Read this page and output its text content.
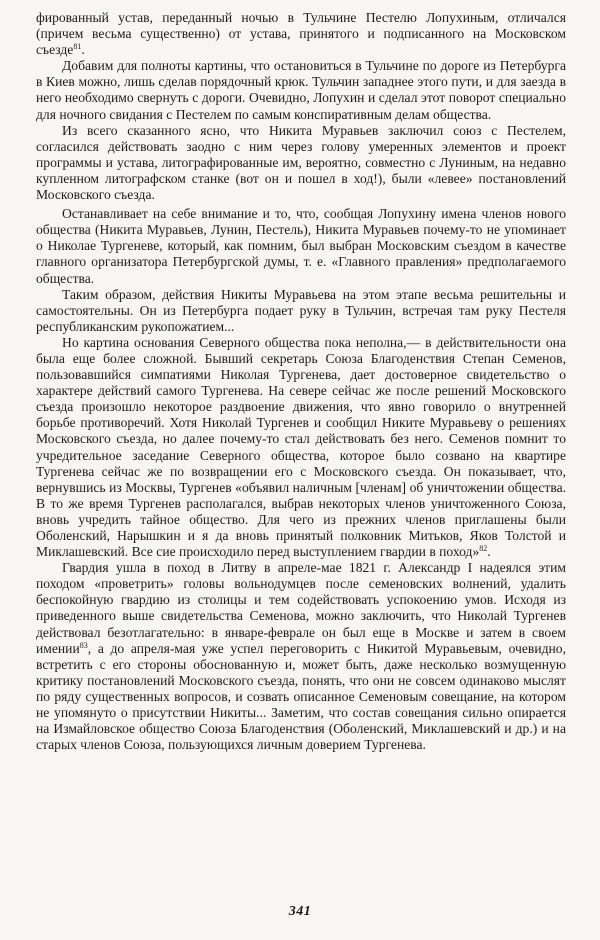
фированный устав, переданный ночью в Тульчине Пестелю Лопухиным, отличался (причем весьма существенно) от устава, принятого и подписанного на Московском съезде$^{81}$.

Добавим для полноты картины, что остановиться в Тульчине по дороге из Петербурга в Киев можно, лишь сделав порядочный крюк. Тульчин западнее этого пути, и для заезда в него необходимо свернуть с дороги. Очевидно, Лопухин и сделал этот поворот специально для ночного свидания с Пестелем по самым конспиративным делам общества.

Из всего сказанного ясно, что Никита Муравьев заключил союз с Пестелем, согласился действовать заодно с ним через голову умеренных элементов и проект программы и устава, литографированные им, вероятно, совместно с Луниным, на недавно купленном литографском станке (вот он и пошел в ход!), были «левее» постановлений Московского съезда.

Останавливает на себе внимание и то, что, сообщая Лопухину имена членов нового общества (Никита Муравьев, Лунин, Пестель), Никита Муравьев почему-то не упоминает о Николае Тургеневе, который, как помним, был выбран Московским съездом в качестве главного организатора Петербургской думы, т. е. «Главного правления» предполагаемого общества.

Таким образом, действия Никиты Муравьева на этом этапе весьма решительны и самостоятельны. Он из Петербурга подает руку в Тульчин, встречая там руку Пестеля республиканским рукопожатием...

Но картина основания Северного общества пока неполна,— в действительности она была еще более сложной. Бывший секретарь Союза Благоденствия Степан Семенов, пользовавшийся симпатиями Николая Тургенева, дает достоверное свидетельство о характере действий самого Тургенева. На севере сейчас же после решений Московского съезда произошло некоторое раздвоение движения, что явно говорило о внутренней борьбе противоречий. Хотя Николай Тургенев и сообщил Никите Муравьеву о решениях Московского съезда, но далее почему-то стал действовать без него. Семенов помнит то учредительное заседание Северного общества, которое было созвано на квартире Тургенева сейчас же по возвращении его с Московского съезда. Он показывает, что, вернувшись из Москвы, Тургенев «объявил наличным [членам] об уничтожении общества. В то же время Тургенев располагался, выбрав некоторых членов уничтоженного Союза, вновь учредить тайное общество. Для чего из прежних членов приглашены были Оболенский, Нарышкин и я да вновь принятый полковник Митьков, Яков Толстой и Миклашевский. Все сие происходило перед выступлением гвардии в поход»$^{82}$.

Гвардия ушла в поход в Литву в апреле-мае 1821 г. Александр I надеялся этим походом «проветрить» головы вольнодумцев после семеновских волнений, удалить беспокойную гвардию из столицы и тем содействовать успокоению умов. Исходя из приведенного выше свидетельства Семенова, можно заключить, что Николай Тургенев действовал безотлагательно: в январе-феврале он был еще в Москве и затем в своем имении$^{83}$, а до апреля-мая уже успел переговорить с Никитой Муравьевым, очевидно, встретить с его стороны обоснованную и, может быть, даже несколько возмущенную критику постановлений Московского съезда, понять, что они не совсем одинаково мыслят по ряду существенных вопросов, и созвать описанное Семеновым совещание, на котором не упомянуто о присутствии Никиты... Заметим, что состав совещания сильно опирается на Измайловское общество Союза Благоденствия (Оболенский, Миклашевский и др.) и на старых членов Союза, пользующихся личным доверием Тургенева.

341
